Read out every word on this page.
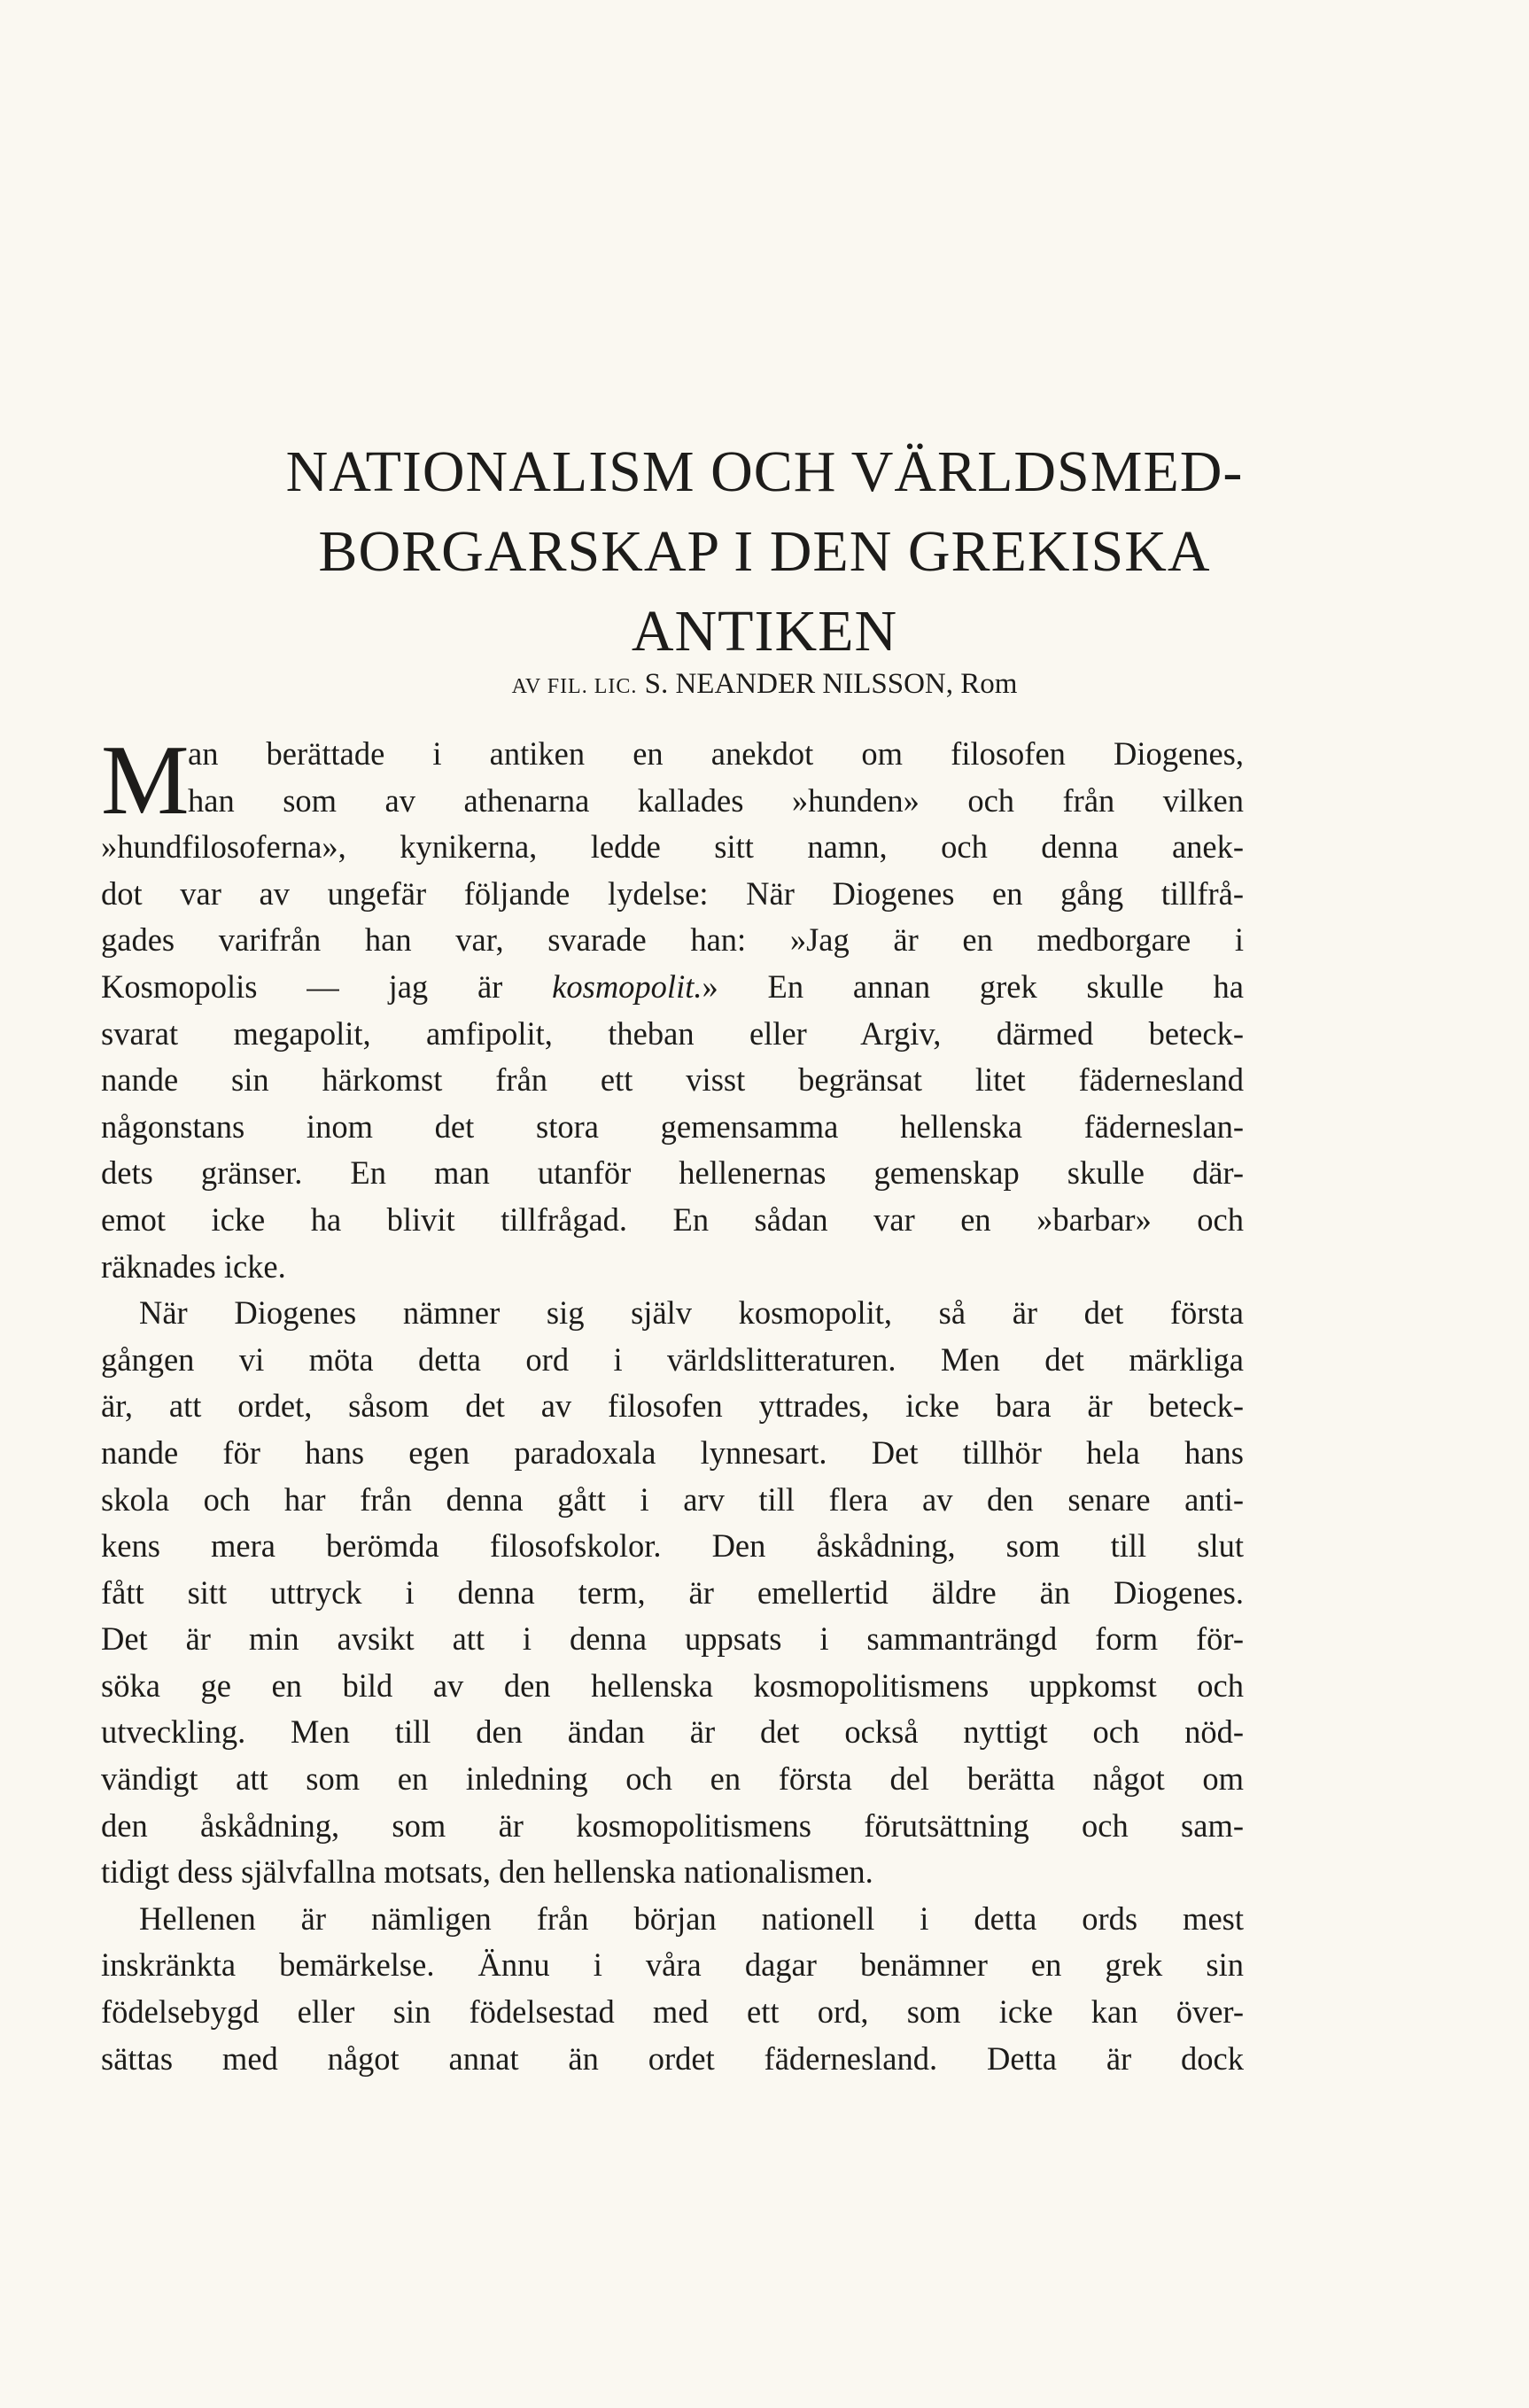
NATIONALISM OCH VÄRLDSMED-
BORGARSKAP I DEN GREKISKA
ANTIKEN
AV FIL. LIC. S. NEANDER NILSSON, Rom
M
an berättade i antiken en anekdot om filosofen Diogenes,
han som av athenarna kallades »hunden» och från vilken
»hundfilosoferna», kynikerna, ledde sitt namn, och denna anek-
dot var av ungefär följande lydelse: När Diogenes en gång tillfrå-
gades varifrån han var, svarade han: »Jag är en medborgare i
Kosmopolis — jag är kosmopolit.» En annan grek skulle ha
svarat megapolit, amfipolit, theban eller Argiv, därmed beteck-
nande sin härkomst från ett visst begränsat litet fädernesland
någonstans inom det stora gemensamma hellenska fäderneslan-
dets gränser. En man utanför hellenernas gemenskap skulle där-
emot icke ha blivit tillfrågad. En sådan var en »barbar» och
räknades icke.
När Diogenes nämner sig själv kosmopolit, så är det första
gången vi möta detta ord i världslitteraturen. Men det märkliga
är, att ordet, såsom det av filosofen yttrades, icke bara är beteck-
nande för hans egen paradoxala lynnesart. Det tillhör hela hans
skola och har från denna gått i arv till flera av den senare anti-
kens mera berömda filosofskolor. Den åskådning, som till slut
fått sitt uttryck i denna term, är emellertid äldre än Diogenes.
Det är min avsikt att i denna uppsats i sammanträngd form för-
söka ge en bild av den hellenska kosmopolitismens uppkomst och
utveckling. Men till den ändan är det också nyttigt och nöd-
vändigt att som en inledning och en första del berätta något om
den åskådning, som är kosmopolitismens förutsättning och sam-
tidigt dess självfallna motsats, den hellenska nationalismen.
Hellenen är nämligen från början nationell i detta ords mest
inskränkta bemärkelse. Ännu i våra dagar benämner en grek sin
födelsebygd eller sin födelsestad med ett ord, som icke kan över-
sättas med något annat än ordet fädernesland. Detta är dock
